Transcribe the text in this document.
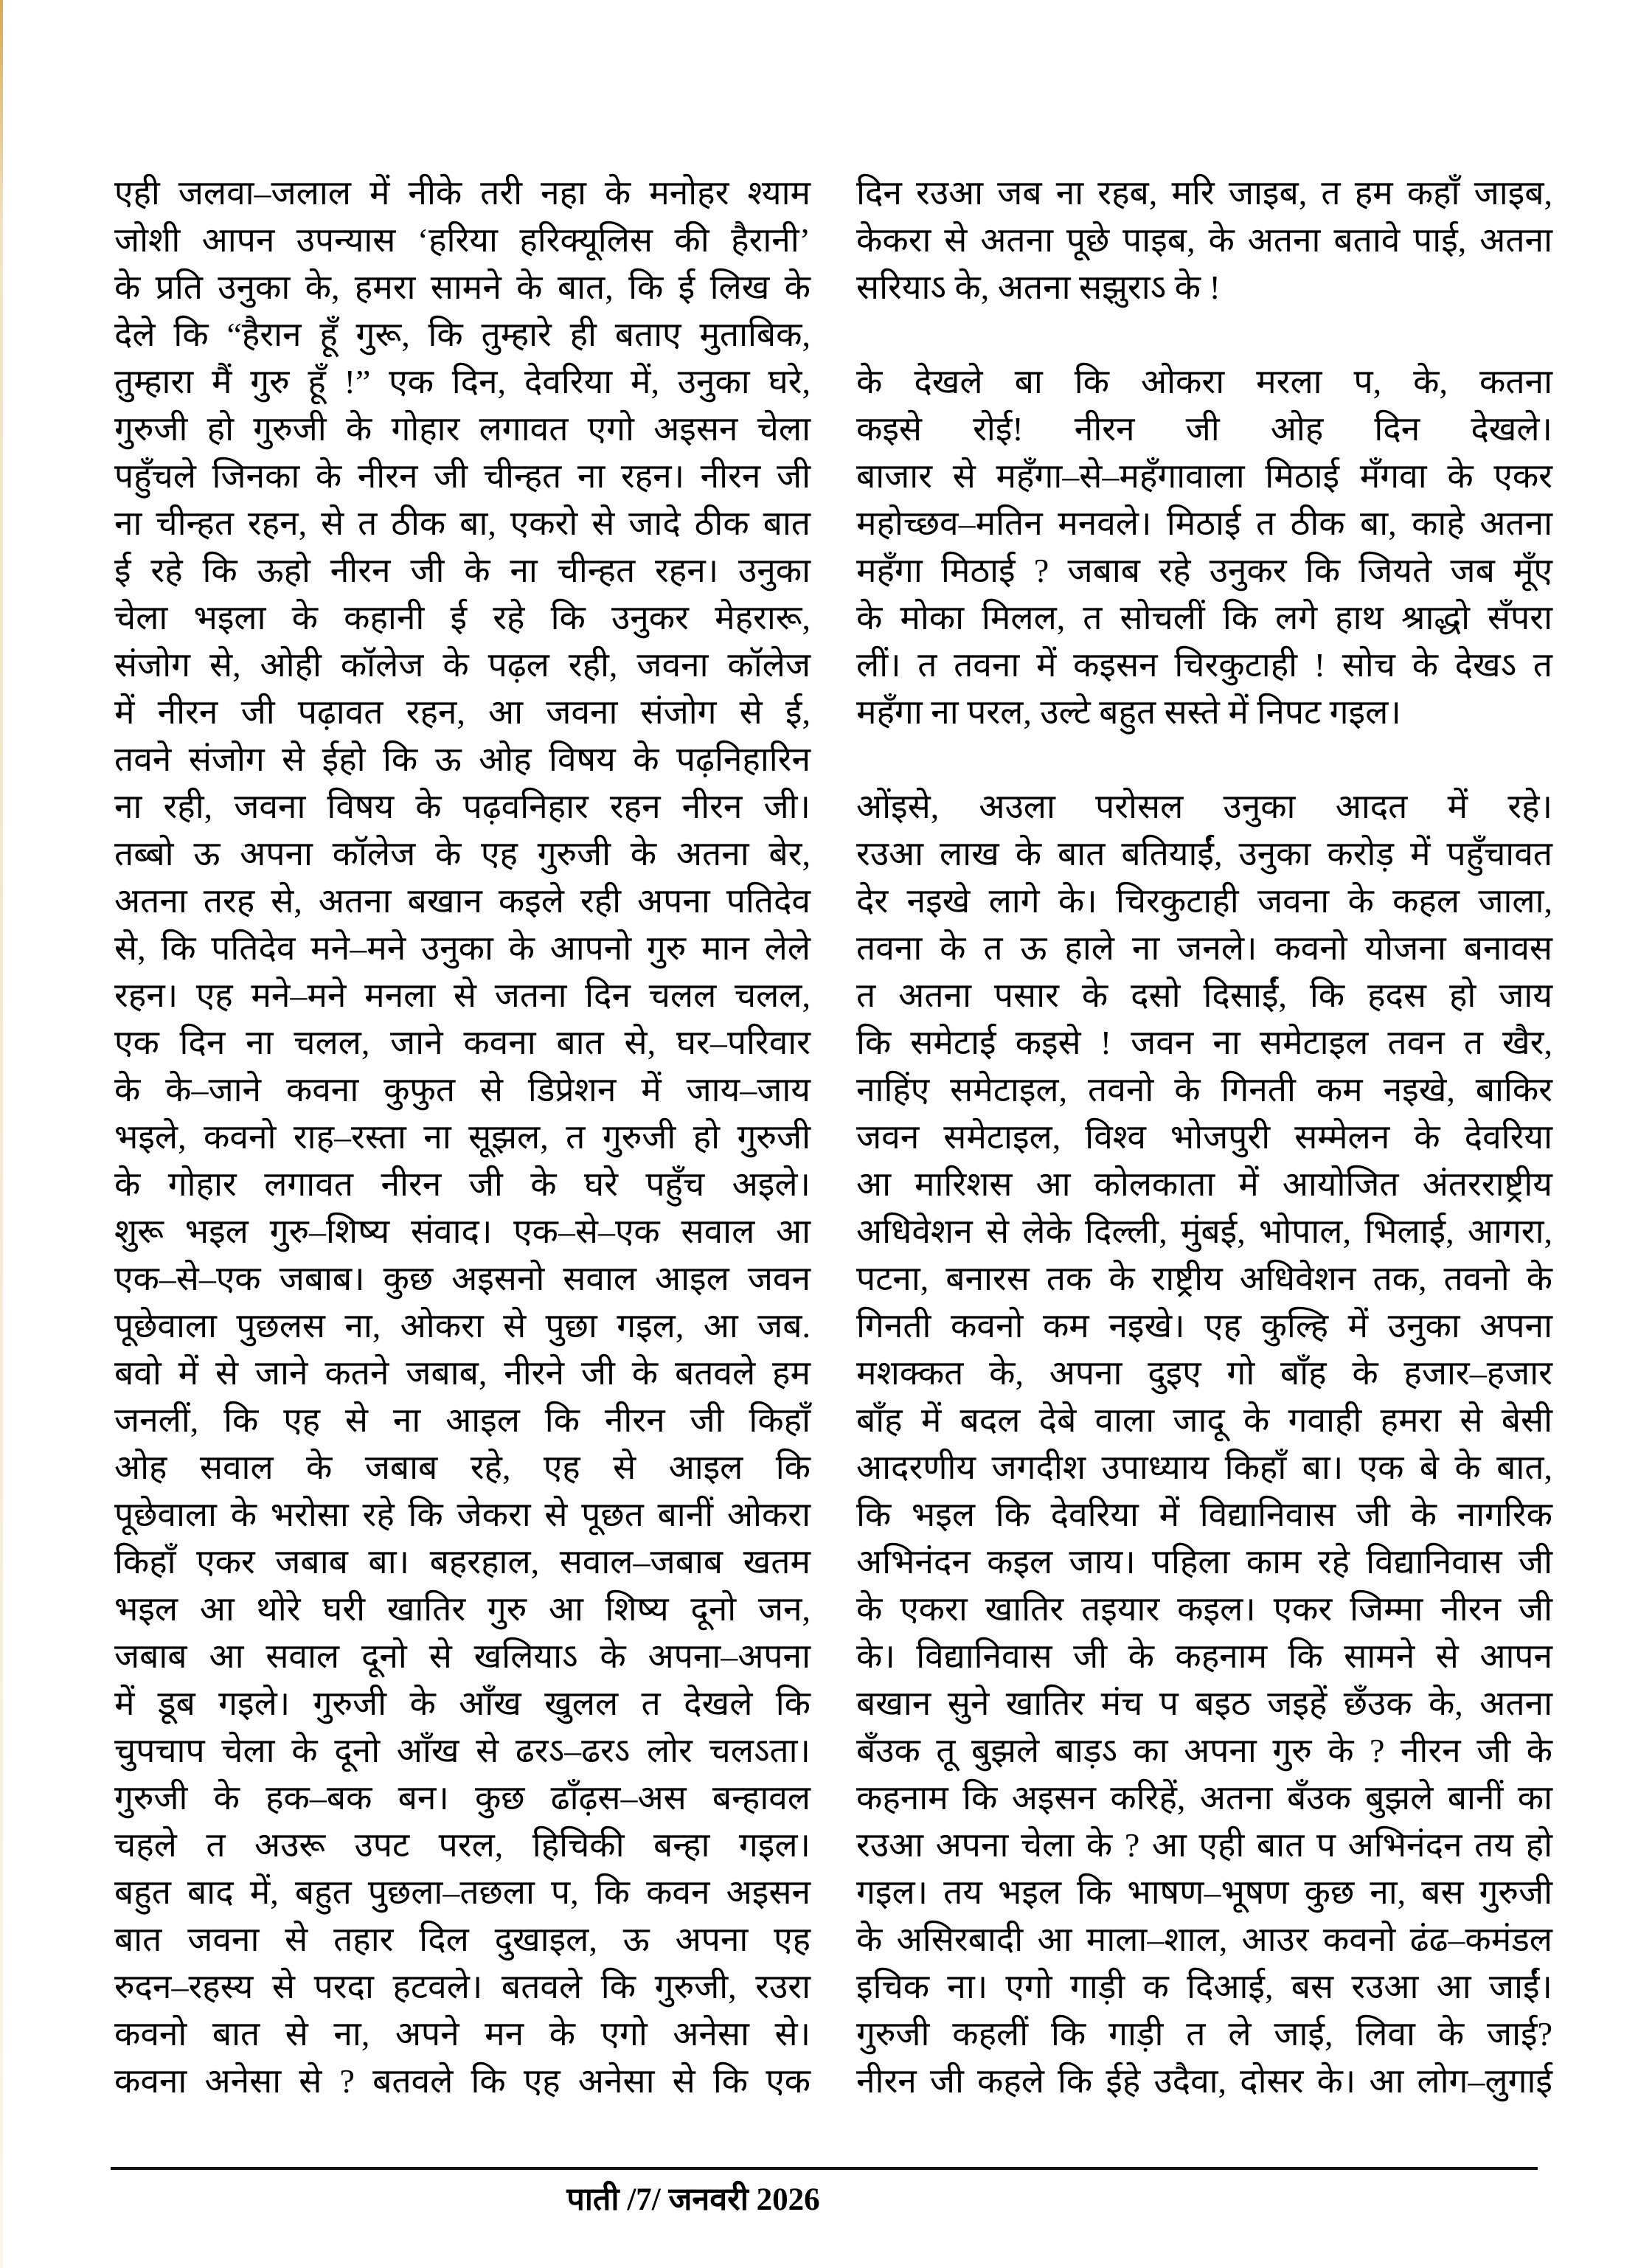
एही जलवा–जलाल में नीके तरी नहा के मनोहर श्याम
जोशी आपन उपन्यास ‘हरिया हरिक्यूलिस की हैरानी’
के प्रति उनुका के, हमरा सामने के बात, कि ई लिख के
देले कि “हैरान हूँ गुरू, कि तुम्हारे ही बताए मुताबिक,
तुम्हारा मैं गुरु हूँ !” एक दिन, देवरिया में, उनुका घरे,
गुरुजी हो गुरुजी के गोहार लगावत एगो अइसन चेला
पहुँचले जिनका के नीरन जी चीन्हत ना रहन। नीरन जी
ना चीन्हत रहन, से त ठीक बा, एकरो से जादे ठीक बात
ई रहे कि ऊहो नीरन जी के ना चीन्हत रहन। उनुका
चेला भइला के कहानी ई रहे कि उनुकर मेहरारू,
संजोग से, ओही कॉलेज के पढ़ल रही, जवना कॉलेज
में नीरन जी पढ़ावत रहन, आ जवना संजोग से ई,
तवने संजोग से ईहो कि ऊ ओह विषय के पढ़निहारिन
ना रही, जवना विषय के पढ़वनिहार रहन नीरन जी।
तब्बो ऊ अपना कॉलेज के एह गुरुजी के अतना बेर,
अतना तरह से, अतना बखान कइले रही अपना पतिदेव
से, कि पतिदेव मने–मने उनुका के आपनो गुरु मान लेले
रहन। एह मने–मने मनला से जतना दिन चलल चलल,
एक दिन ना चलल, जाने कवना बात से, घर–परिवार
के के–जाने कवना कुफुत से डिप्रेशन में जाय–जाय
भइले, कवनो राह–रस्ता ना सूझल, त गुरुजी हो गुरुजी
के गोहार लगावत नीरन जी के घरे पहुँच अइले।
शुरू भइल गुरु–शिष्य संवाद। एक–से–एक सवाल आ
एक–से–एक जबाब। कुछ अइसनो सवाल आइल जवन
पूछेवाला पुछलस ना, ओकरा से पुछा गइल, आ जब.
बवो में से जाने कतने जबाब, नीरने जी के बतवले हम
जनलीं, कि एह से ना आइल कि नीरन जी किहाँ
ओह सवाल के जबाब रहे, एह से आइल कि
पूछेवाला के भरोसा रहे कि जेकरा से पूछत बानीं ओकरा
किहाँ एकर जबाब बा। बहरहाल, सवाल–जबाब खतम
भइल आ थोरे घरी खातिर गुरु आ शिष्य दूनो जन,
जबाब आ सवाल दूनो से खलियाऽ के अपना–अपना
में डूब गइले। गुरुजी के आँख खुलल त देखले कि
चुपचाप चेला के दूनो आँख से ढरऽ–ढरऽ लोर चलऽता।
गुरुजी के हक–बक बन। कुछ ढाँढ़स–अस बन्हावल
चहले त अउरू उपट परल, हिचिकी बन्हा गइल।
बहुत बाद में, बहुत पुछला–तछला प, कि कवन अइसन
बात जवना से तहार दिल दुखाइल, ऊ अपना एह
रुदन–रहस्य से परदा हटवले। बतवले कि गुरुजी, रउरा
कवनो बात से ना, अपने मन के एगो अनेसा से।
कवना अनेसा से ? बतवले कि एह अनेसा से कि एक
दिन रउआ जब ना रहब, मरि जाइब, त हम कहाँ जाइब,
केकरा से अतना पूछे पाइब, के अतना बतावे पाई, अतना
सरियाऽ के, अतना सझुराऽ के !
के देखले बा कि ओकरा मरला प, के, कतना
कइसे रोई! नीरन जी ओह दिन देखले।
बाजार से महँगा–से–महँगावाला मिठाई मँगवा के एकर
महोच्छव–मतिन मनवले। मिठाई त ठीक बा, काहे अतना
महँगा मिठाई ? जबाब रहे उनुकर कि जियते जब मूँए
के मोका मिलल, त सोचलीं कि लगे हाथ श्राद्धो सँपरा
लीं। त तवना में कइसन चिरकुटाही ! सोच के देखऽ त
महँगा ना परल, उल्टे बहुत सस्ते में निपट गइल।
ओंइसे, अउला परोसल उनुका आदत में रहे।
रउआ लाख के बात बतियाईं, उनुका करोड़ में पहुँचावत
देर नइखे लागे के। चिरकुटाही जवना के कहल जाला,
तवना के त ऊ हाले ना जनले। कवनो योजना बनावस
त अतना पसार के दसो दिसाईं, कि हदस हो जाय
कि समेटाई कइसे ! जवन ना समेटाइल तवन त खैर,
नाहिंए समेटाइल, तवनो के गिनती कम नइखे, बाकिर
जवन समेटाइल, विश्व भोजपुरी सम्मेलन के देवरिया
आ मारिशस आ कोलकाता में आयोजित अंतरराष्ट्रीय
अधिवेशन से लेके दिल्ली, मुंबई, भोपाल, भिलाई, आगरा,
पटना, बनारस तक के राष्ट्रीय अधिवेशन तक, तवनो के
गिनती कवनो कम नइखे। एह कुल्हि में उनुका अपना
मशक्कत के, अपना दुइए गो बाँह के हजार–हजार
बाँह में बदल देबे वाला जादू के गवाही हमरा से बेसी
आदरणीय जगदीश उपाध्याय किहाँ बा। एक बे के बात,
कि भइल कि देवरिया में विद्यानिवास जी के नागरिक
अभिनंदन कइल जाय। पहिला काम रहे विद्यानिवास जी
के एकरा खातिर तइयार कइल। एकर जिम्मा नीरन जी
के। विद्यानिवास जी के कहनाम कि सामने से आपन
बखान सुने खातिर मंच प बइठ जइहें छँउक के, अतना
बँउक तू बुझले बाड़ऽ का अपना गुरु के ? नीरन जी के
कहनाम कि अइसन करिहें, अतना बँउक बुझले बानीं का
रउआ अपना चेला के ? आ एही बात प अभिनंदन तय हो
गइल। तय भइल कि भाषण–भूषण कुछ ना, बस गुरुजी
के असिरबादी आ माला–शाल, आउर कवनो ढंढ–कमंडल
इचिक ना। एगो गाड़ी क दिआई, बस रउआ आ जाईं।
गुरुजी कहलीं कि गाड़ी त ले जाई, लिवा के जाई?
नीरन जी कहले कि ईहे उदैवा, दोसर के। आ लोग–लुगाई
पाती /7/ जनवरी 2026
